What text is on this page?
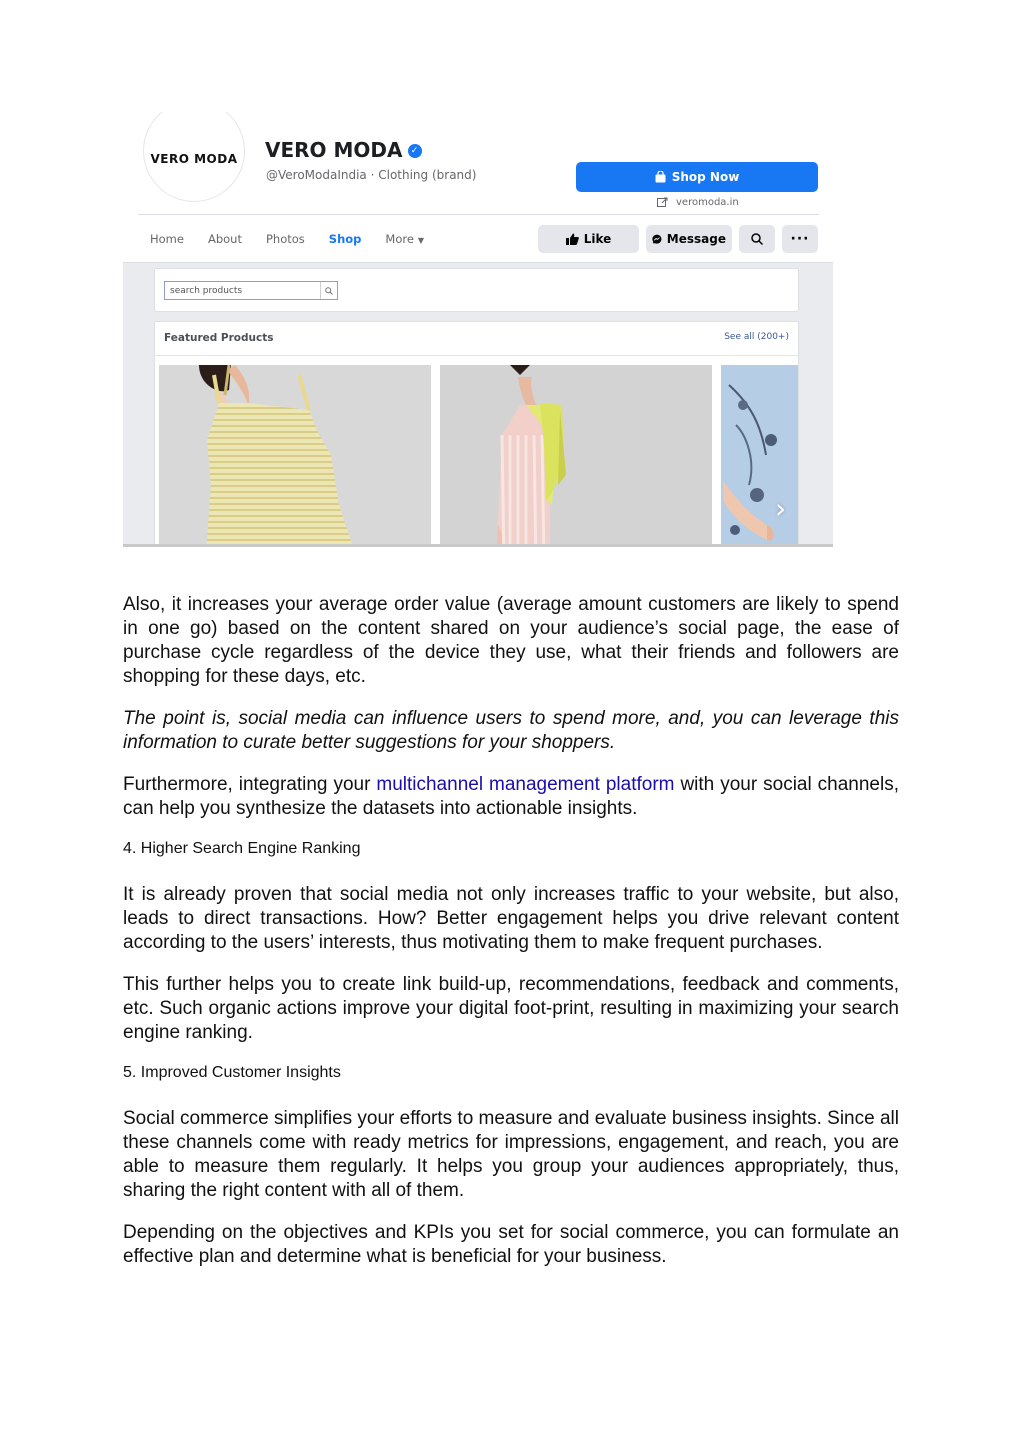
VERO MODA VERO MODA ✓
@VeroModaIndia · Clothing (brand)	Shop Now
veromoda.in
Home	About	Photos	Shop	More ▼	Like	Message	···
search products
Featured Products	See all (200+)
›

Also, it increases your average order value (average amount customers are likely to spend in one go) based on the content shared on your audience’s social page, the ease of purchase cycle regardless of the device they use, what their friends and followers are shopping for these days, etc.

The point is, social media can influence users to spend more, and, you can leverage this information to curate better suggestions for your shoppers.

Furthermore, integrating your multichannel management platform with your social channels, can help you synthesize the datasets into actionable insights.

4. Higher Search Engine Ranking

It is already proven that social media not only increases traffic to your website, but also, leads to direct transactions. How? Better engagement helps you drive relevant content according to the users’ interests, thus motivating them to make frequent purchases.

This further helps you to create link build-up, recommendations, feedback and comments, etc. Such organic actions improve your digital foot-print, resulting in maximizing your search engine ranking.

5. Improved Customer Insights

Social commerce simplifies your efforts to measure and evaluate business insights. Since all these channels come with ready metrics for impressions, engagement, and reach, you are able to measure them regularly. It helps you group your audiences appropriately, thus, sharing the right content with all of them.

Depending on the objectives and KPIs you set for social commerce, you can formulate an effective plan and determine what is beneficial for your business.
